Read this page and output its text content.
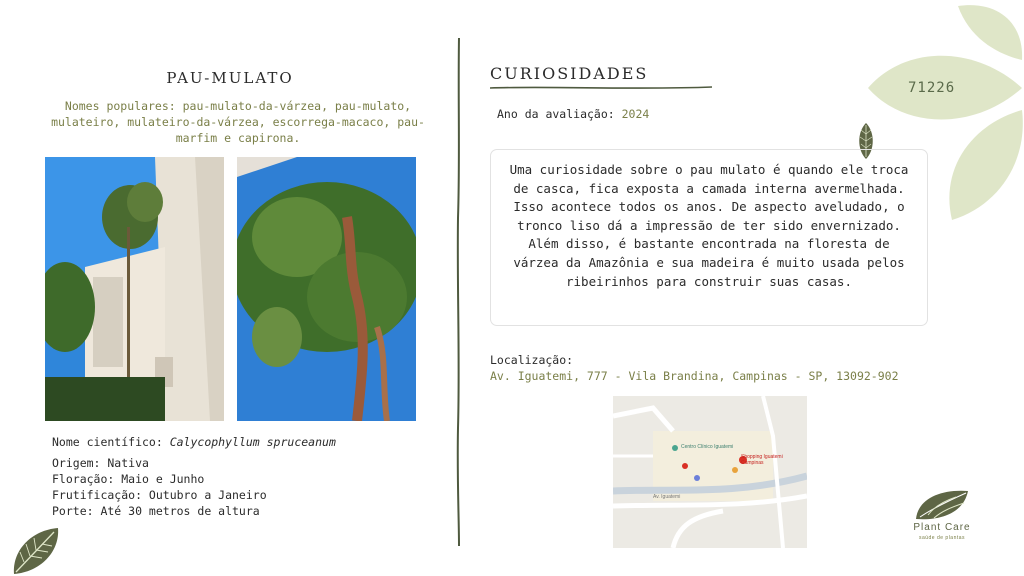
71226
PAU-MULATO
Nomes populares: pau-mulato-da-várzea, pau-mulato, mulateiro, mulateiro-da-várzea, escorrega-macaco, pau-marfim e capirona.
Nome científico: Calycophyllum spruceanum
Origem: Nativa
Floração: Maio e Junho
Frutificação: Outubro a Janeiro
Porte: Até 30 metros de altura
CURIOSIDADES
Ano da avaliação: 2024
Uma curiosidade sobre o pau mulato é quando ele troca de casca, fica exposta a camada interna avermelhada. Isso acontece todos os anos. De aspecto aveludado, o tronco liso dá a impressão de ter sido envernizado. Além disso, é bastante encontrada na floresta de várzea da Amazônia e sua madeira é muito usada pelos ribeirinhos para construir suas casas.
Localização:
Av. Iguatemi, 777 - Vila Brandina, Campinas - SP, 13092-902
Shopping Iguatemi Campinas
Centro Clínico Iguatemi
Av. Iguatemi
Plant Care
saúde de plantas
